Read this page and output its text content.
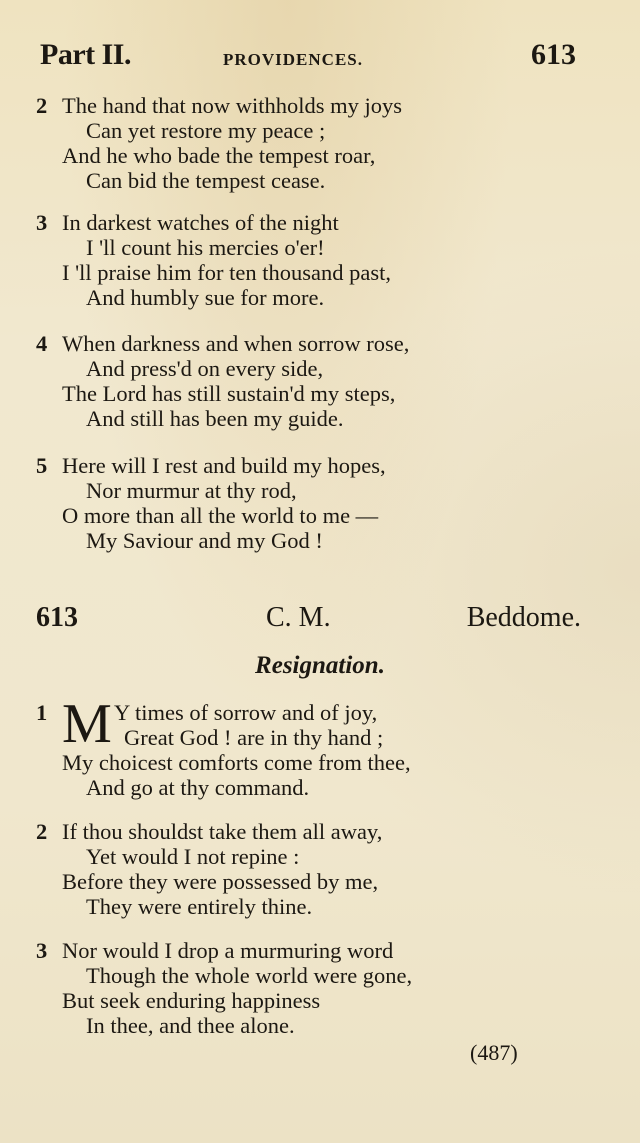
Part II.	PROVIDENCES.	613
2 The hand that now withholds my joys
Can yet restore my peace ;
And he who bade the tempest roar,
Can bid the tempest cease.
3 In darkest watches of the night
I 'll count his mercies o'er!
I 'll praise him for ten thousand past,
And humbly sue for more.
4 When darkness and when sorrow rose,
And press'd on every side,
The Lord has still sustain'd my steps,
And still has been my guide.
5 Here will I rest and build my hopes,
Nor murmur at thy rod,
O more than all the world to me —
My Saviour and my God !
613	C. M.	Beddome.
Resignation.
1 M Y times of sorrow and of joy,
Great God ! are in thy hand ;
My choicest comforts come from thee,
And go at thy command.
2 If thou shouldst take them all away,
Yet would I not repine :
Before they were possessed by me,
They were entirely thine.
3 Nor would I drop a murmuring word
Though the whole world were gone,
But seek enduring happiness
In thee, and thee alone.
(487)
